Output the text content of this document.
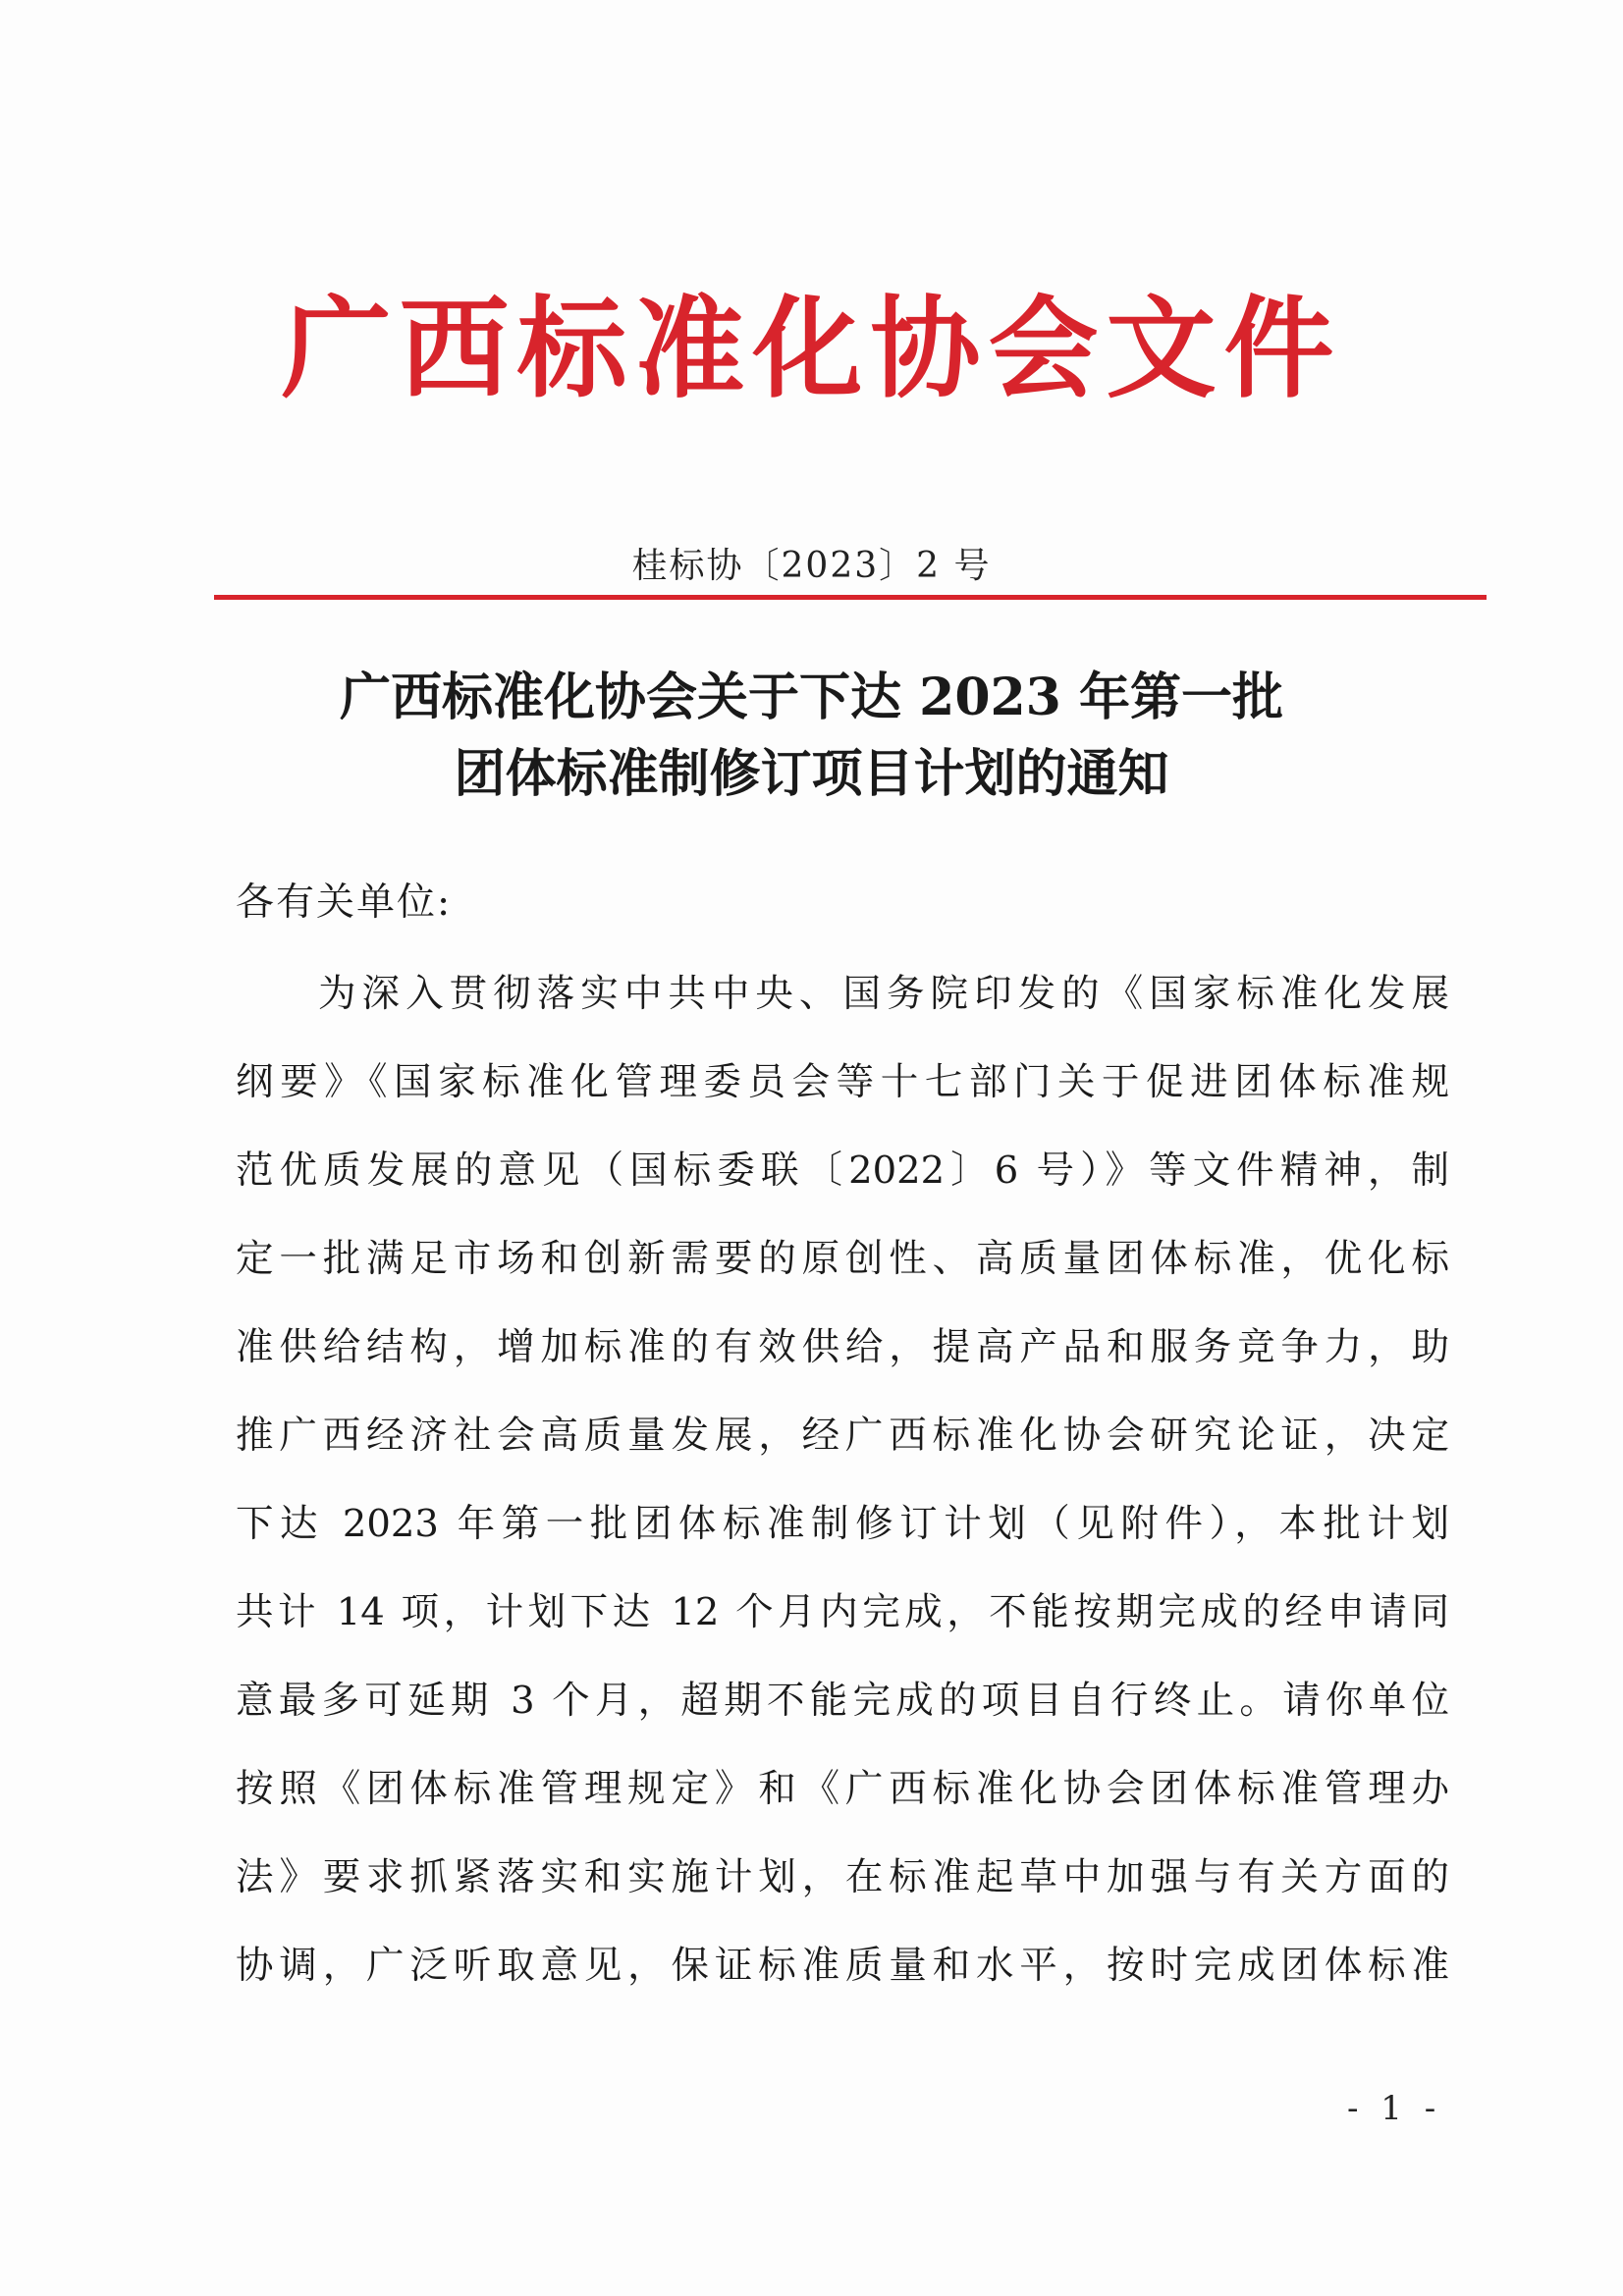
广西标准化协会文件
桂标协〔2023〕2 号
广西标准化协会关于下达 2023 年第一批
团体标准制修订项目计划的通知
各有关单位:
为深入贯彻落实中共中央、国务院印发的《国家标准化发展
纲要》《国家标准化管理委员会等十七部门关于促进团体标准规
范优质发展的意见（国标委联〔2022〕6 号）》等文件精神，制
定一批满足市场和创新需要的原创性、高质量团体标准，优化标
准供给结构，增加标准的有效供给，提高产品和服务竞争力，助
推广西经济社会高质量发展，经广西标准化协会研究论证，决定
下达 2023 年第一批团体标准制修订计划（见附件），本批计划
共计 14 项，计划下达 12 个月内完成，不能按期完成的经申请同
意最多可延期 3 个月，超期不能完成的项目自行终止。请你单位
按照《团体标准管理规定》和《广西标准化协会团体标准管理办
法》要求抓紧落实和实施计划，在标准起草中加强与有关方面的
协调，广泛听取意见，保证标准质量和水平，按时完成团体标准
- 1 -
